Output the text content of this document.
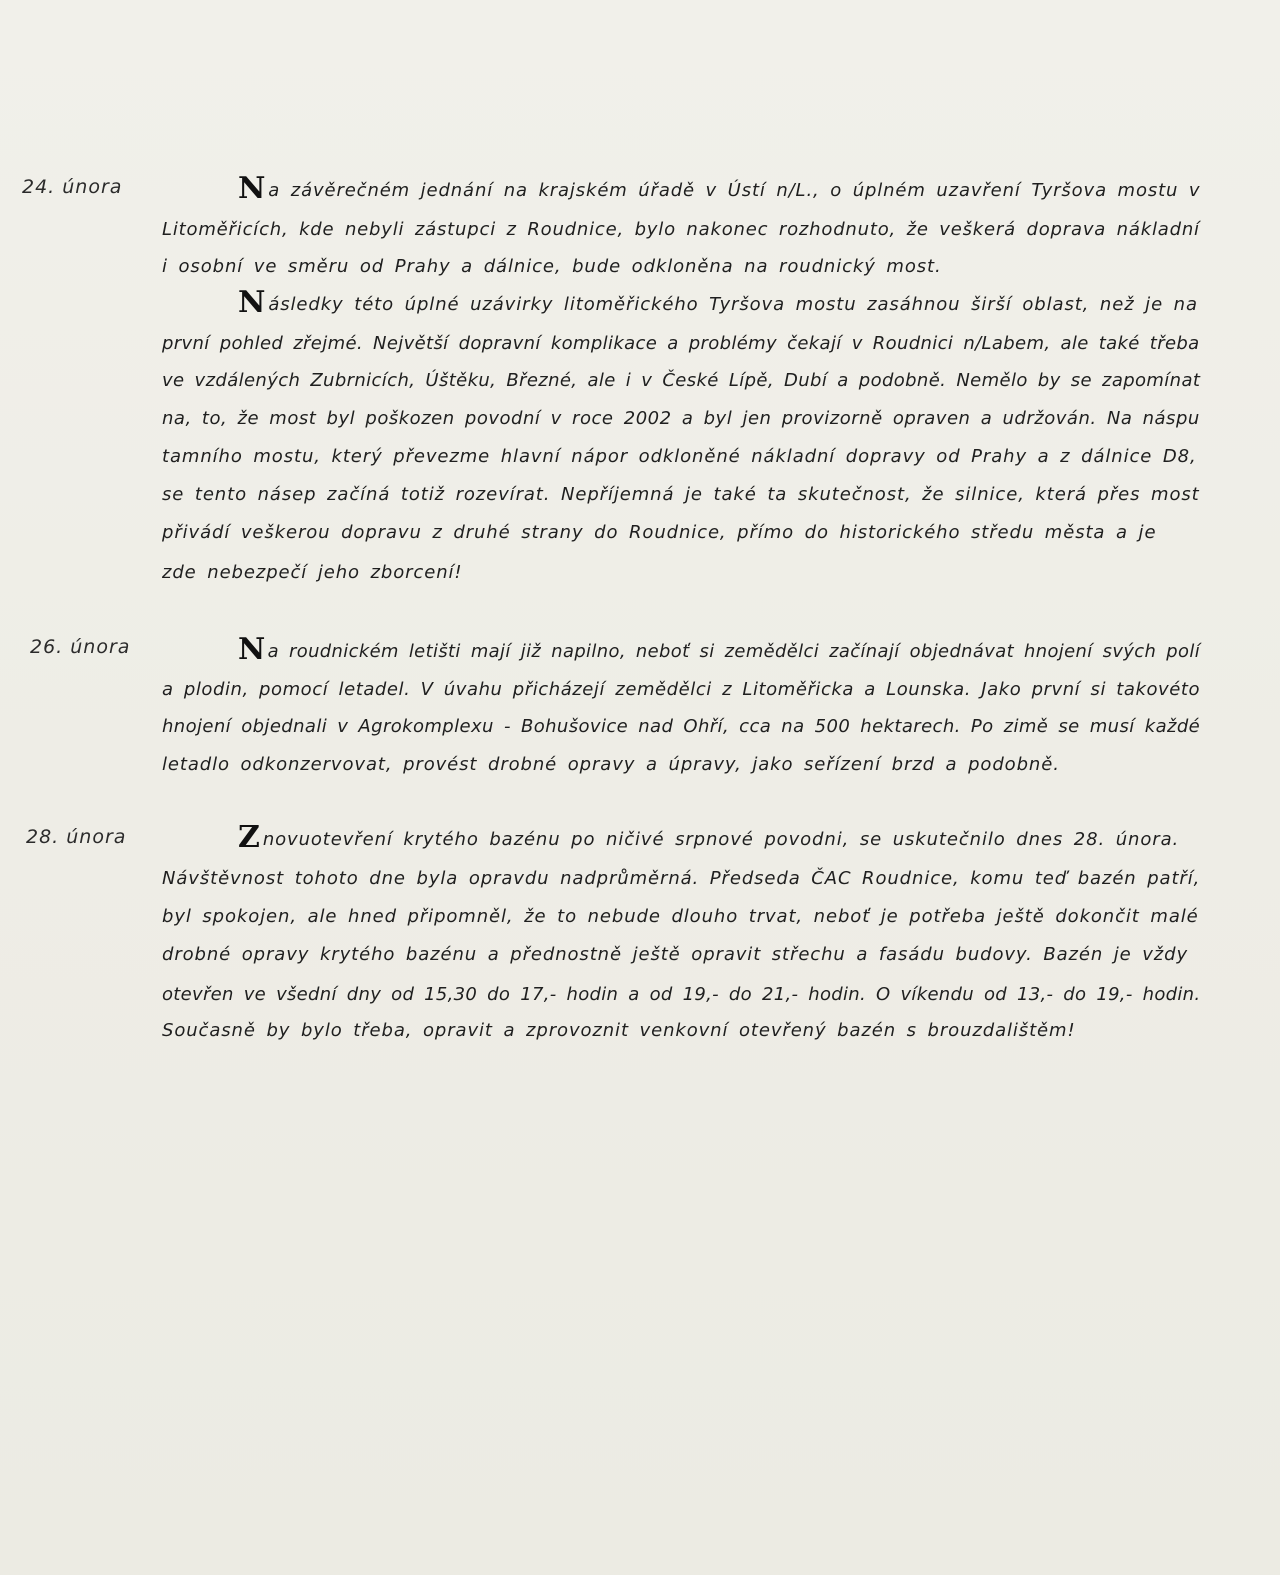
24. února	Na závěrečném jednání na krajském úřadě v Ústí n/L., o úplném uzavření Tyršova mostu v
Litoměřicích, kde nebyli zástupci z Roudnice, bylo nakonec rozhodnuto, že veškerá doprava nákladní
i osobní ve směru od Prahy a dálnice, bude odkloněna na roudnický most.
Následky této úplné uzávirky litoměřického Tyršova mostu zasáhnou širší oblast, než je na
první pohled zřejmé. Největší dopravní komplikace a problémy čekají v Roudnici n/Labem, ale také třeba
ve vzdálených Zubrnicích, Úštěku, Březné, ale i v České Lípě, Dubí a podobně. Nemělo by se zapomínat
na, to, že most byl poškozen povodní v roce 2002 a byl jen provizorně opraven a udržován. Na náspu
tamního mostu, který převezme hlavní nápor odkloněné nákladní dopravy od Prahy a z dálnice D8,
se tento násep začíná totiž rozevírat. Nepříjemná je také ta skutečnost, že silnice, která přes most
přivádí veškerou dopravu z druhé strany do Roudnice, přímo do historického středu města a je
zde nebezpečí jeho zborcení!
26. února	Na roudnickém letišti mají již napilno, neboť si zemědělci začínají objednávat hnojení svých polí
a plodin, pomocí letadel. V úvahu přicházejí zemědělci z Litoměřicka a Lounska. Jako první si takovéto
hnojení objednali v Agrokomplexu - Bohušovice nad Ohří, cca na 500 hektarech. Po zimě se musí každé
letadlo odkonzervovat, provést drobné opravy a úpravy, jako seřízení brzd a podobně.
28. února	Znovuotevření krytého bazénu po ničivé srpnové povodni, se uskutečnilo dnes 28. února.
Návštěvnost tohoto dne byla opravdu nadprůměrná. Předseda ČAC Roudnice, komu teď bazén patří,
byl spokojen, ale hned připomněl, že to nebude dlouho trvat, neboť je potřeba ještě dokončit malé
drobné opravy krytého bazénu a přednostně ještě opravit střechu a fasádu budovy. Bazén je vždy
otevřen ve všední dny od 15,30 do 17,- hodin a od 19,- do 21,- hodin. O víkendu od 13,- do 19,- hodin.
Současně by bylo třeba, opravit a zprovoznit venkovní otevřený bazén s brouzdalištěm!
